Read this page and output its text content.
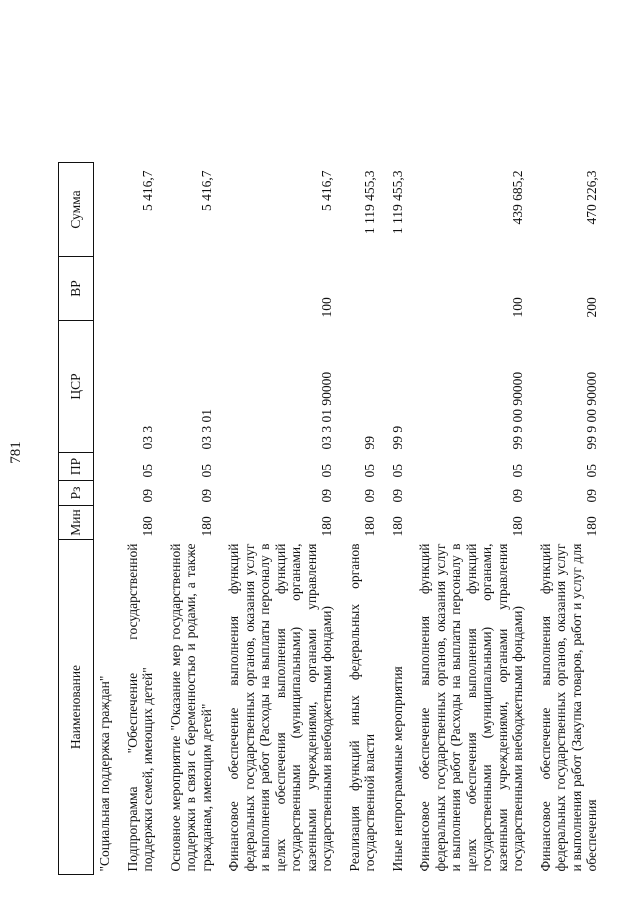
781
Наименование	Мин	Рз	ПР	ЦСР	ВР	Сумма
"Социальная поддержка граждан"						
Подпрограмма "Обеспечение государственной поддержки семей, имеющих детей"	180	09	05	03 3		5 416,7
Основное мероприятие "Оказание мер государственной поддержки в связи с беременностью и родами, а также гражданам, имеющим детей"	180	09	05	03 3 01		5 416,7
Финансовое обеспечение выполнения функций федеральных государственных органов, оказания услуг и выполнения работ (Расходы на выплаты персоналу в целях обеспечения выполнения функций государственными (муниципальными) органами, казенными учреждениями, органами управления государственными внебюджетными фондами)	180	09	05	03 3 01 90000	100	5 416,7
Реализация функций иных федеральных органов государственной власти	180	09	05	99		1 119 455,3
Иные непрограммные мероприятия	180	09	05	99 9		1 119 455,3
Финансовое обеспечение выполнения функций федеральных государственных органов, оказания услуг и выполнения работ (Расходы на выплаты персоналу в целях обеспечения выполнения функций государственными (муниципальными) органами, казенными учреждениями, органами управления государственными внебюджетными фондами)	180	09	05	99 9 00 90000	100	439 685,2
Финансовое обеспечение выполнения функций федеральных государственных органов, оказания услуг и выполнения работ (Закупка товаров, работ и услуг для обеспечения	180	09	05	99 9 00 90000	200	470 226,3
